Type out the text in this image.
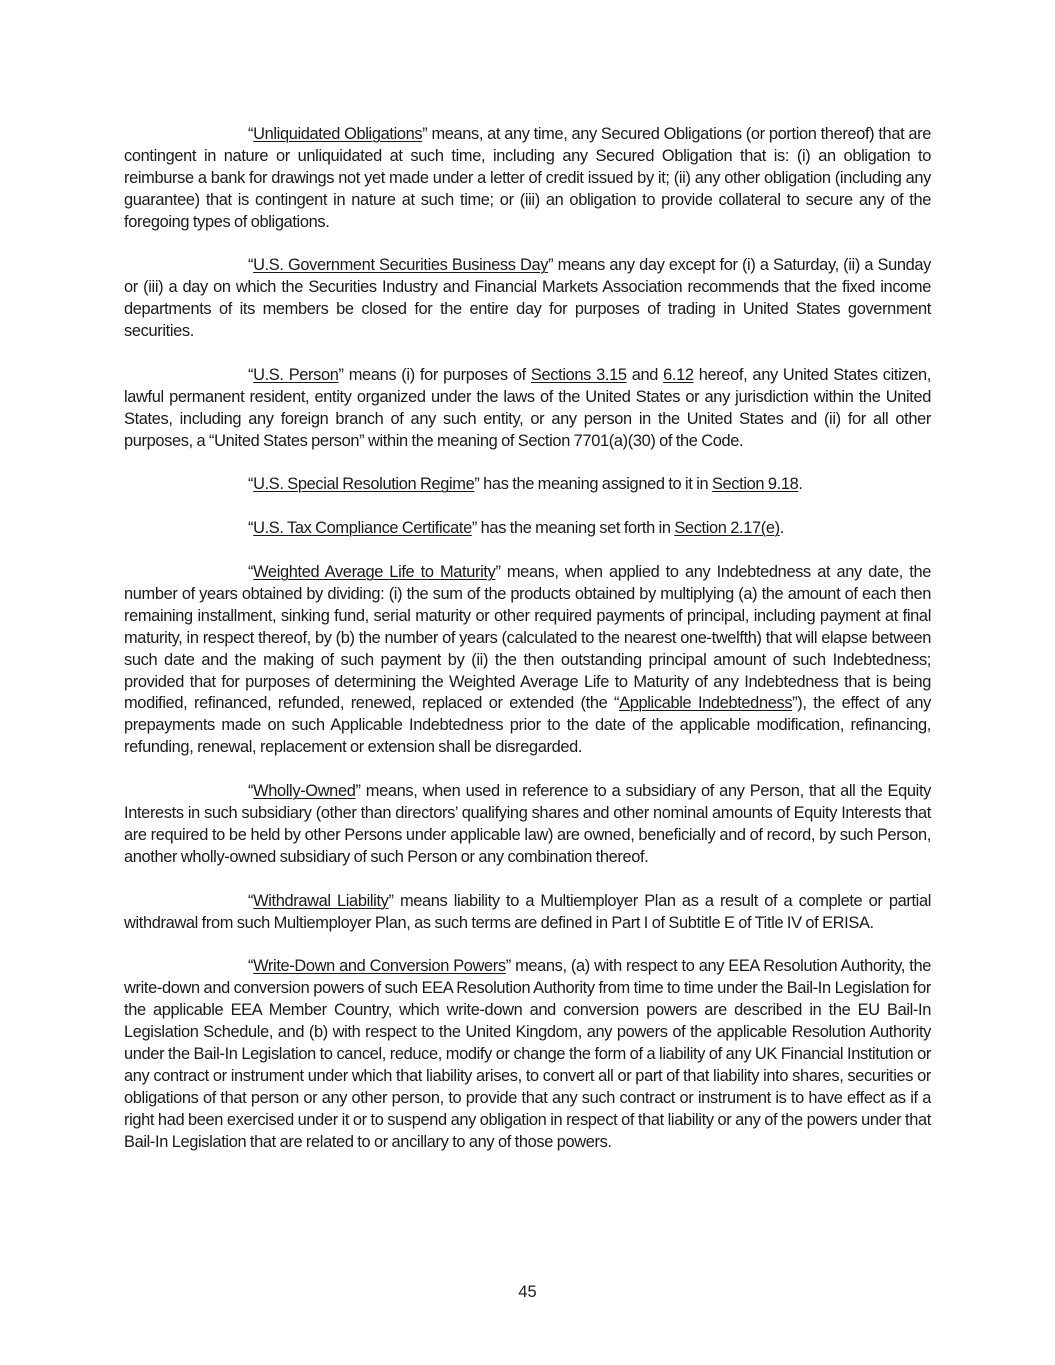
“Unliquidated Obligations” means, at any time, any Secured Obligations (or portion thereof) that are contingent in nature or unliquidated at such time, including any Secured Obligation that is: (i) an obligation to reimburse a bank for drawings not yet made under a letter of credit issued by it; (ii) any other obligation (including any guarantee) that is contingent in nature at such time; or (iii) an obligation to provide collateral to secure any of the foregoing types of obligations.

“U.S. Government Securities Business Day” means any day except for (i) a Saturday, (ii) a Sunday or (iii) a day on which the Securities Industry and Financial Markets Association recommends that the fixed income departments of its members be closed for the entire day for purposes of trading in United States government securities.

“U.S. Person” means (i) for purposes of Sections 3.15 and 6.12 hereof, any United States citizen, lawful permanent resident, entity organized under the laws of the United States or any jurisdiction within the United States, including any foreign branch of any such entity, or any person in the United States and (ii) for all other purposes, a “United States person” within the meaning of Section 7701(a)(30) of the Code.

“U.S. Special Resolution Regime” has the meaning assigned to it in Section 9.18.

“U.S. Tax Compliance Certificate” has the meaning set forth in Section 2.17(e).

“Weighted Average Life to Maturity” means, when applied to any Indebtedness at any date, the number of years obtained by dividing: (i) the sum of the products obtained by multiplying (a) the amount of each then remaining installment, sinking fund, serial maturity or other required payments of principal, including payment at final maturity, in respect thereof, by (b) the number of years (calculated to the nearest one-twelfth) that will elapse between such date and the making of such payment by (ii) the then outstanding principal amount of such Indebtedness; provided that for purposes of determining the Weighted Average Life to Maturity of any Indebtedness that is being modified, refinanced, refunded, renewed, replaced or extended (the “Applicable Indebtedness”), the effect of any prepayments made on such Applicable Indebtedness prior to the date of the applicable modification, refinancing, refunding, renewal, replacement or extension shall be disregarded.

“Wholly-Owned” means, when used in reference to a subsidiary of any Person, that all the Equity Interests in such subsidiary (other than directors’ qualifying shares and other nominal amounts of Equity Interests that are required to be held by other Persons under applicable law) are owned, beneficially and of record, by such Person, another wholly-owned subsidiary of such Person or any combination thereof.

“Withdrawal Liability” means liability to a Multiemployer Plan as a result of a complete or partial withdrawal from such Multiemployer Plan, as such terms are defined in Part I of Subtitle E of Title IV of ERISA.

“Write-Down and Conversion Powers” means, (a) with respect to any EEA Resolution Authority, the write-down and conversion powers of such EEA Resolution Authority from time to time under the Bail-In Legislation for the applicable EEA Member Country, which write-down and conversion powers are described in the EU Bail-In Legislation Schedule, and (b) with respect to the United Kingdom, any powers of the applicable Resolution Authority under the Bail-In Legislation to cancel, reduce, modify or change the form of a liability of any UK Financial Institution or any contract or instrument under which that liability arises, to convert all or part of that liability into shares, securities or obligations of that person or any other person, to provide that any such contract or instrument is to have effect as if a right had been exercised under it or to suspend any obligation in respect of that liability or any of the powers under that Bail-In Legislation that are related to or ancillary to any of those powers.

45
